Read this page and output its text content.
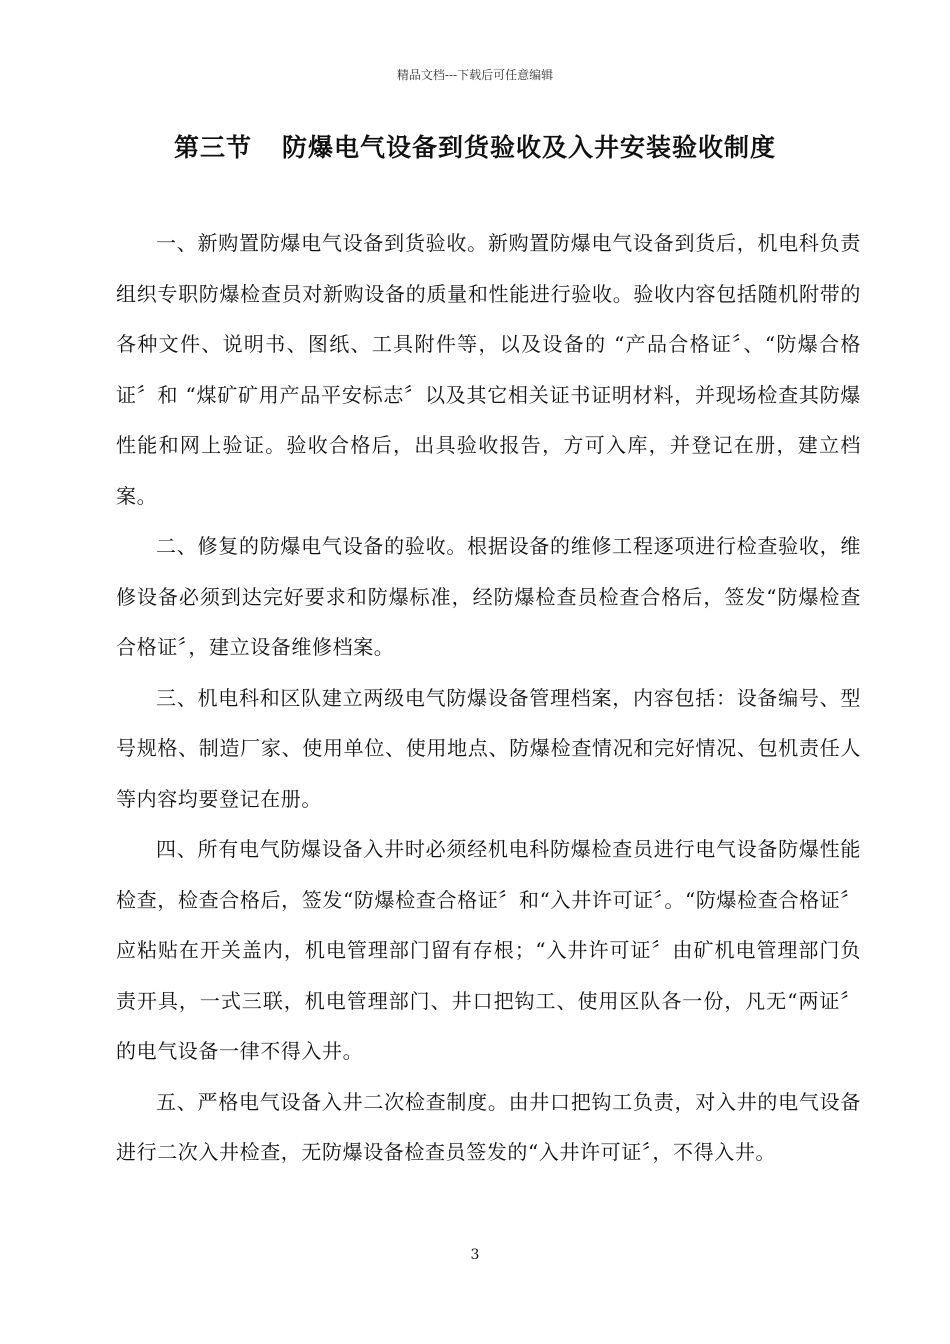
精品文档---下载后可任意编辑
第三节 防爆电气设备到货验收及入井安装验收制度

一、新购置防爆电气设备到货验收。新购置防爆电气设备到货后，机电科负责组织专职防爆检查员对新购设备的质量和性能进行验收。验收内容包括随机附带的各种文件、说明书、图纸、工具附件等，以及设备的 “产品合格证〞、“防爆合格证〞和 “煤矿矿用产品平安标志〞以及其它相关证书证明材料，并现场检查其防爆性能和网上验证。验收合格后，出具验收报告，方可入库，并登记在册，建立档案。

二、修复的防爆电气设备的验收。根据设备的维修工程逐项进行检查验收，维修设备必须到达完好要求和防爆标准，经防爆检查员检查合格后，签发“防爆检查合格证〞，建立设备维修档案。

三、机电科和区队建立两级电气防爆设备管理档案，内容包括：设备编号、型号规格、制造厂家、使用单位、使用地点、防爆检查情况和完好情况、包机责任人等内容均要登记在册。

四、所有电气防爆设备入井时必须经机电科防爆检查员进行电气设备防爆性能检查，检查合格后，签发“防爆检查合格证〞和“入井许可证〞。“防爆检查合格证〞应粘贴在开关盖内，机电管理部门留有存根；“入井许可证〞由矿机电管理部门负责开具，一式三联，机电管理部门、井口把钩工、使用区队各一份，凡无“两证〞的电气设备一律不得入井。

五、严格电气设备入井二次检查制度。由井口把钩工负责，对入井的电气设备进行二次入井检查，无防爆设备检查员签发的“入井许可证〞，不得入井。

3
